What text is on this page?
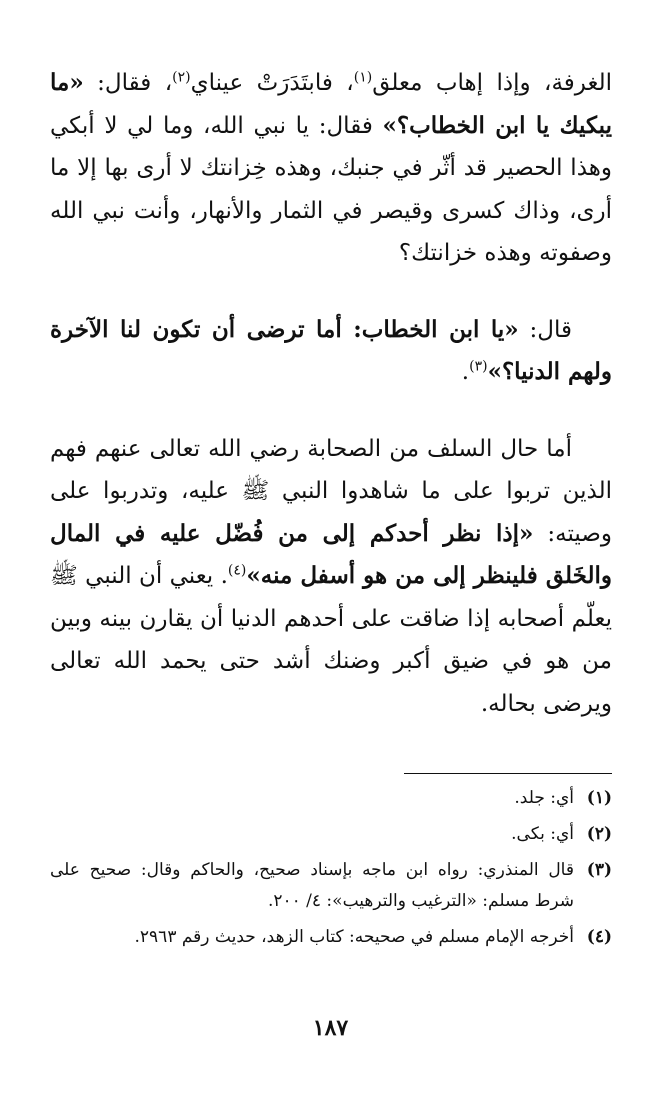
الغرفة، وإذا إهاب معلق$^{(١)}$، فابتَدَرَتْ عيناي$^{(٢)}$، فقال: «ما يبكيك يا ابن الخطاب؟» فقال: يا نبي الله، وما لي لا أبكي وهذا الحصير قد أثّر في جنبك، وهذه خِزانتك لا أرى بها إلا ما أرى، وذاك كسرى وقيصر في الثمار والأنهار، وأنت نبي الله وصفوته وهذه خزانتك؟

قال: «يا ابن الخطاب: أما ترضى أن تكون لنا الآخرة ولهم الدنيا؟»$^{(٣)}$.

أما حال السلف من الصحابة رضي الله تعالى عنهم فهم الذين تربوا على ما شاهدوا النبي ﷺ عليه، وتدربوا على وصيته: «إذا نظر أحدكم إلى من فُضّل عليه في المال والخَلق فلينظر إلى من هو أسفل منه»$^{(٤)}$. يعني أن النبي ﷺ يعلّم أصحابه إذا ضاقت على أحدهم الدنيا أن يقارن بينه وبين من هو في ضيق أكبر وضنك أشد حتى يحمد الله تعالى ويرضى بحاله.

(١)
أي: جلد.
(٢)
أي: بكى.
(٣)
قال المنذري: رواه ابن ماجه بإسناد صحيح، والحاكم وقال: صحيح على شرط مسلم: «الترغيب والترهيب»: ٤/ ٢٠٠.
(٤)
أخرجه الإمام مسلم في صحيحه: كتاب الزهد، حديث رقم ٢٩٦٣.
١٨٧
